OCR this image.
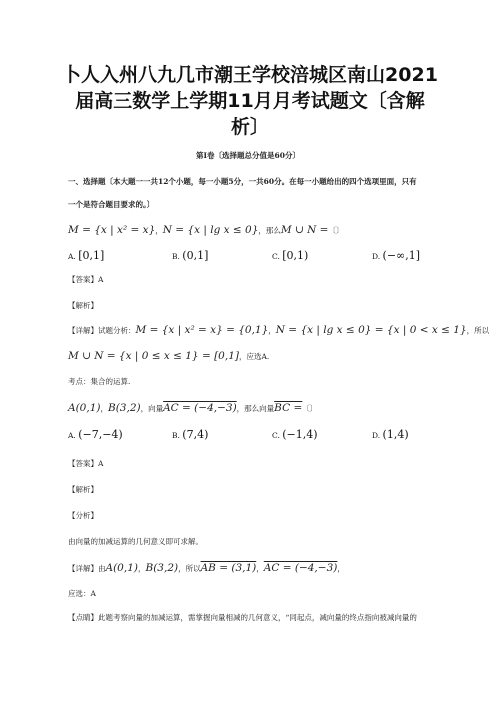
卜人入州八九几市潮王学校涪城区南山2021
届高三数学上学期11月月考试题文〔含解
析〕
第I卷〔选择题总分值是60分〕
一、选择题〔本大题一一共12个小题，每一小题5分，一共60分。在每一小题给出的四个选项里面，只有
一个是符合题目要求的。〕
M = {x | x² = x}，N = {x | lg x ≤ 0}，那么M ∪ N =〔〕
A. [0,1]	B. (0,1]	C. [0,1)	D. (−∞,1]
【答案】A
【解析】
【详解】试题分析：M = {x | x² = x} = {0,1}，N = {x | lg x ≤ 0} = {x | 0 < x ≤ 1}，所以
M ∪ N = {x | 0 ≤ x ≤ 1} = [0,1]，应选A.
考点：集合的运算.
A(0,1)，B(3,2)，向量AC = (−4,−3)，那么向量BC =〔〕
A. (−7,−4)	B. (7,4)	C. (−1,4)	D. (1,4)
【答案】A
【解析】
【分析】
由向量的加减运算的几何意义即可求解。
【详解】由A(0,1)，B(3,2)，所以AB = (3,1)，AC = (−4,−3)，
应选：A
【点睛】此题考察向量的加减运算，需掌握向量相减的几何意义，“同起点，减向量的终点指向被减向量的
